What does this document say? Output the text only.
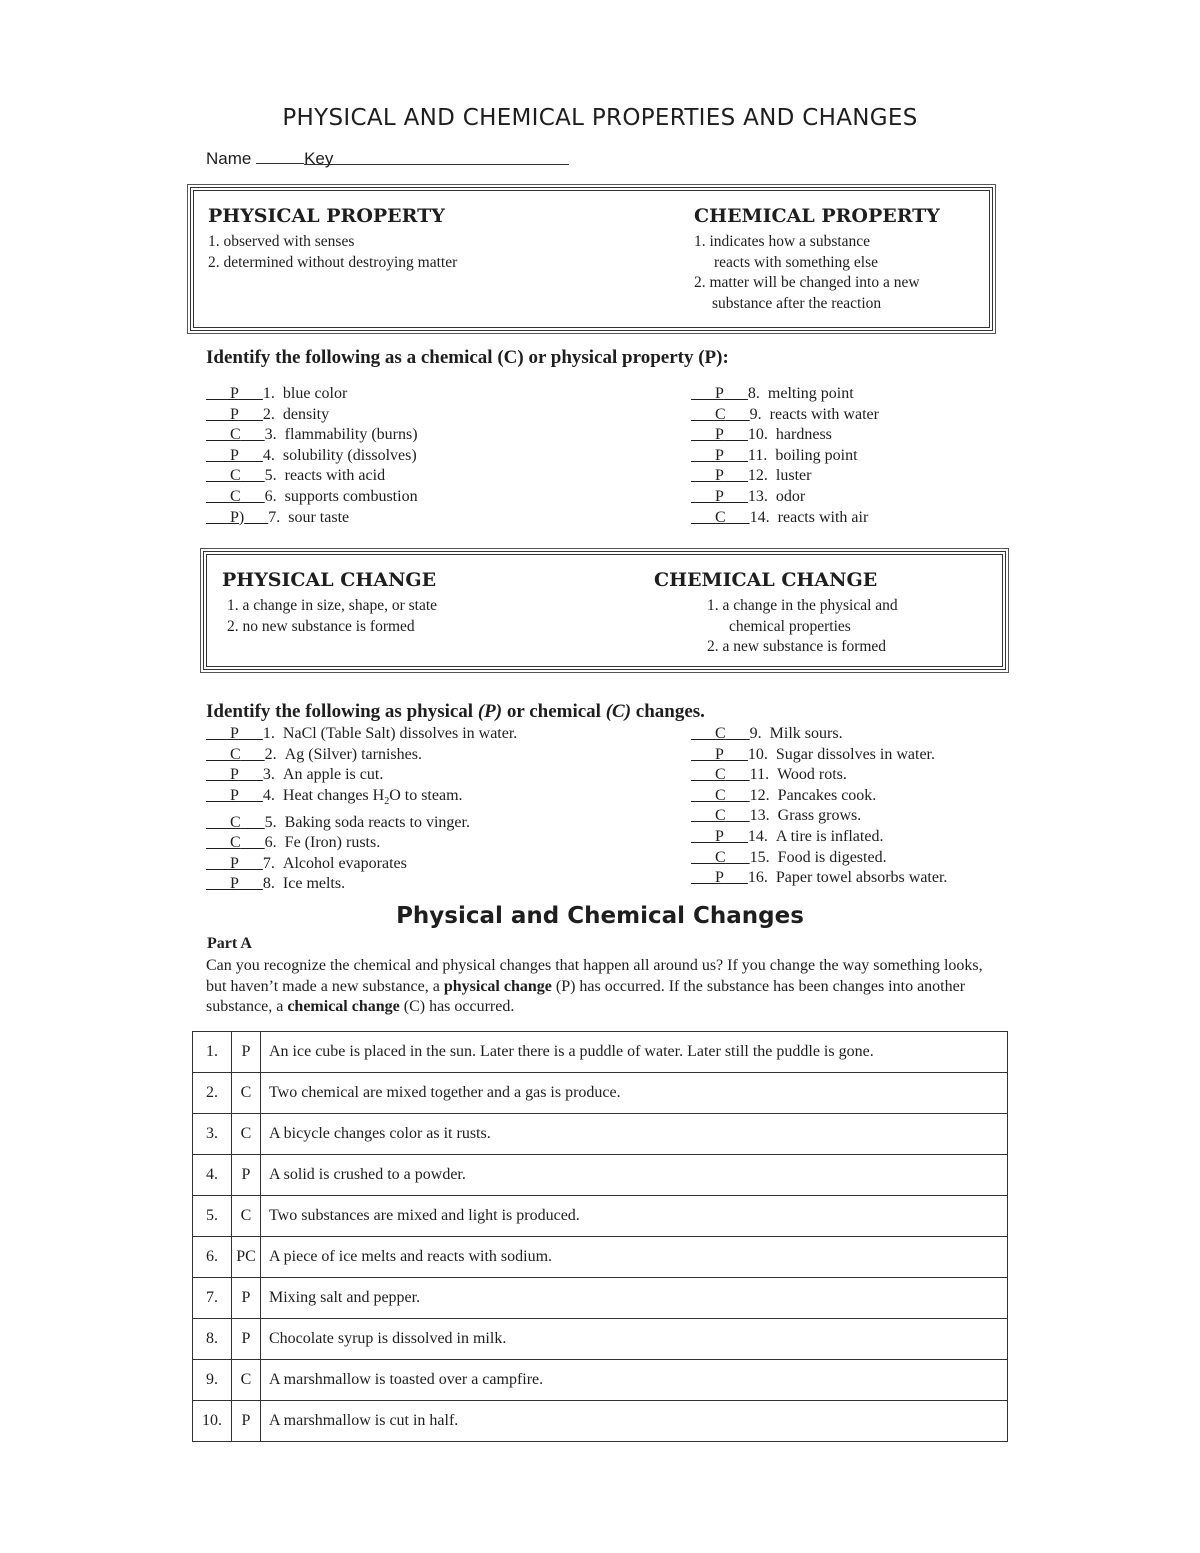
PHYSICAL AND CHEMICAL PROPERTIES AND CHANGES
Name	Key
PHYSICAL PROPERTY
1. observed with senses
2. determined without destroying matter
CHEMICAL PROPERTY
1. indicates how a substance
reacts with something else
2. matter will be changed into a new
substance after the reaction
Identify the following as a chemical (C) or physical property (P):
P 1. blue color
P 2. density
C 3. flammability (burns)
P 4. solubility (dissolves)
C 5. reacts with acid
C 6. supports combustion
P) 7. sour taste
P 8. melting point
C 9. reacts with water
P 10. hardness
P 11. boiling point
P 12. luster
P 13. odor
C 14. reacts with air
PHYSICAL CHANGE
1. a change in size, shape, or state
2. no new substance is formed
CHEMICAL CHANGE
1. a change in the physical and
chemical properties
2. a new substance is formed
Identify the following as physical (P) or chemical (C) changes.
P 1. NaCl (Table Salt) dissolves in water.
C 2. Ag (Silver) tarnishes.
P 3. An apple is cut.
P 4. Heat changes $H_2O$ to steam.
C 5. Baking soda reacts to vinger.
C 6. Fe (Iron) rusts.
P 7. Alcohol evaporates
P 8. Ice melts.
C 9. Milk sours.
P 10. Sugar dissolves in water.
C 11. Wood rots.
C 12. Pancakes cook.
C 13. Grass grows.
P 14. A tire is inflated.
C 15. Food is digested.
P 16. Paper towel absorbs water.
Physical and Chemical Changes
Part A
Can you recognize the chemical and physical changes that happen all around us? If you change the way something looks, but haven’t made a new substance, a physical change (P) has occurred. If the substance has been changes into another substance, a chemical change (C) has occurred.
1.	P	An ice cube is placed in the sun. Later there is a puddle of water. Later still the puddle is gone.
2.	C	Two chemical are mixed together and a gas is produce.
3.	C	A bicycle changes color as it rusts.
4.	P	A solid is crushed to a powder.
5.	C	Two substances are mixed and light is produced.
6.	PC	A piece of ice melts and reacts with sodium.
7.	P	Mixing salt and pepper.
8.	P	Chocolate syrup is dissolved in milk.
9.	C	A marshmallow is toasted over a campfire.
10.	P	A marshmallow is cut in half.
